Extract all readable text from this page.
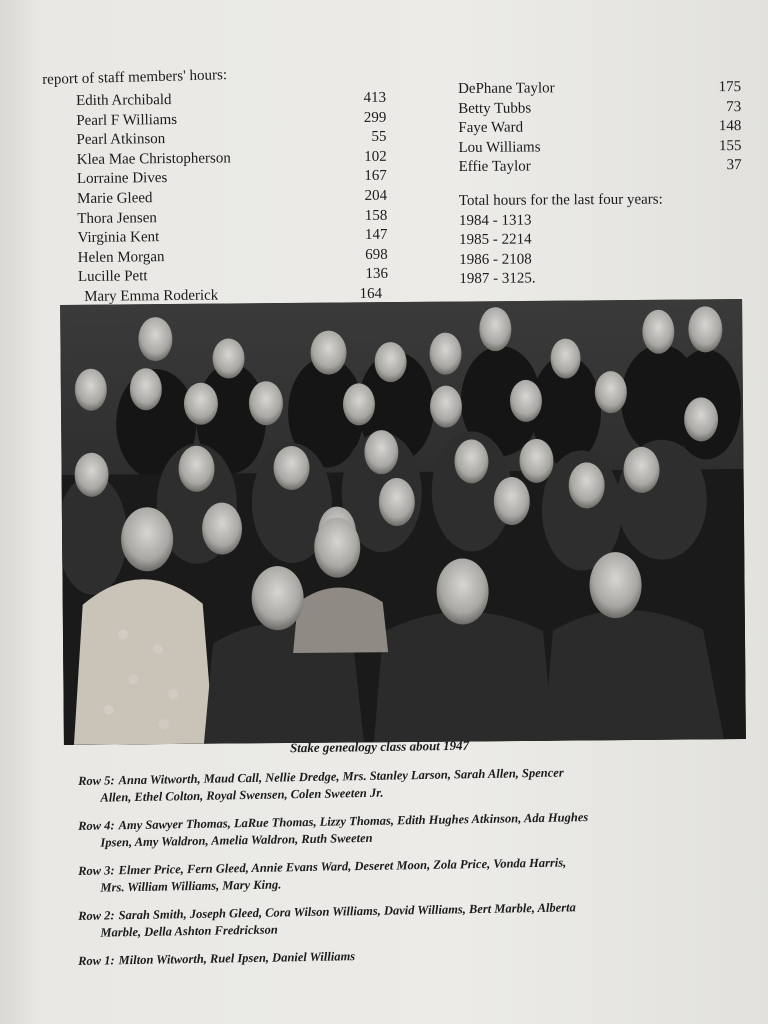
report of staff members' hours:
Edith Archibald	413
Pearl F Williams	299
Pearl Atkinson	55
Klea Mae Christopherson	102
Lorraine Dives	167
Marie Gleed	204
Thora Jensen	158
Virginia Kent	147
Helen Morgan	698
Lucille Pett	136
Mary Emma Roderick	164
DePhane Taylor	175
Betty Tubbs	73
Faye Ward	148
Lou Williams	155
Effie Taylor	37
Total hours for the last four years:
1984 - 1313
1985 - 2214
1986 - 2108
1987 - 3125.
Stake genealogy class about 1947
Row 5: Anna Witworth, Maud Call, Nellie Dredge, Mrs. Stanley Larson, Sarah Allen, Spencer
Allen, Ethel Colton, Royal Swensen, Colen Sweeten Jr.
Row 4: Amy Sawyer Thomas, LaRue Thomas, Lizzy Thomas, Edith Hughes Atkinson, Ada Hughes
Ipsen, Amy Waldron, Amelia Waldron, Ruth Sweeten
Row 3: Elmer Price, Fern Gleed, Annie Evans Ward, Deseret Moon, Zola Price, Vonda Harris,
Mrs. William Williams, Mary King.
Row 2: Sarah Smith, Joseph Gleed, Cora Wilson Williams, David Williams, Bert Marble, Alberta
Marble, Della Ashton Fredrickson
Row 1: Milton Witworth, Ruel Ipsen, Daniel Williams
